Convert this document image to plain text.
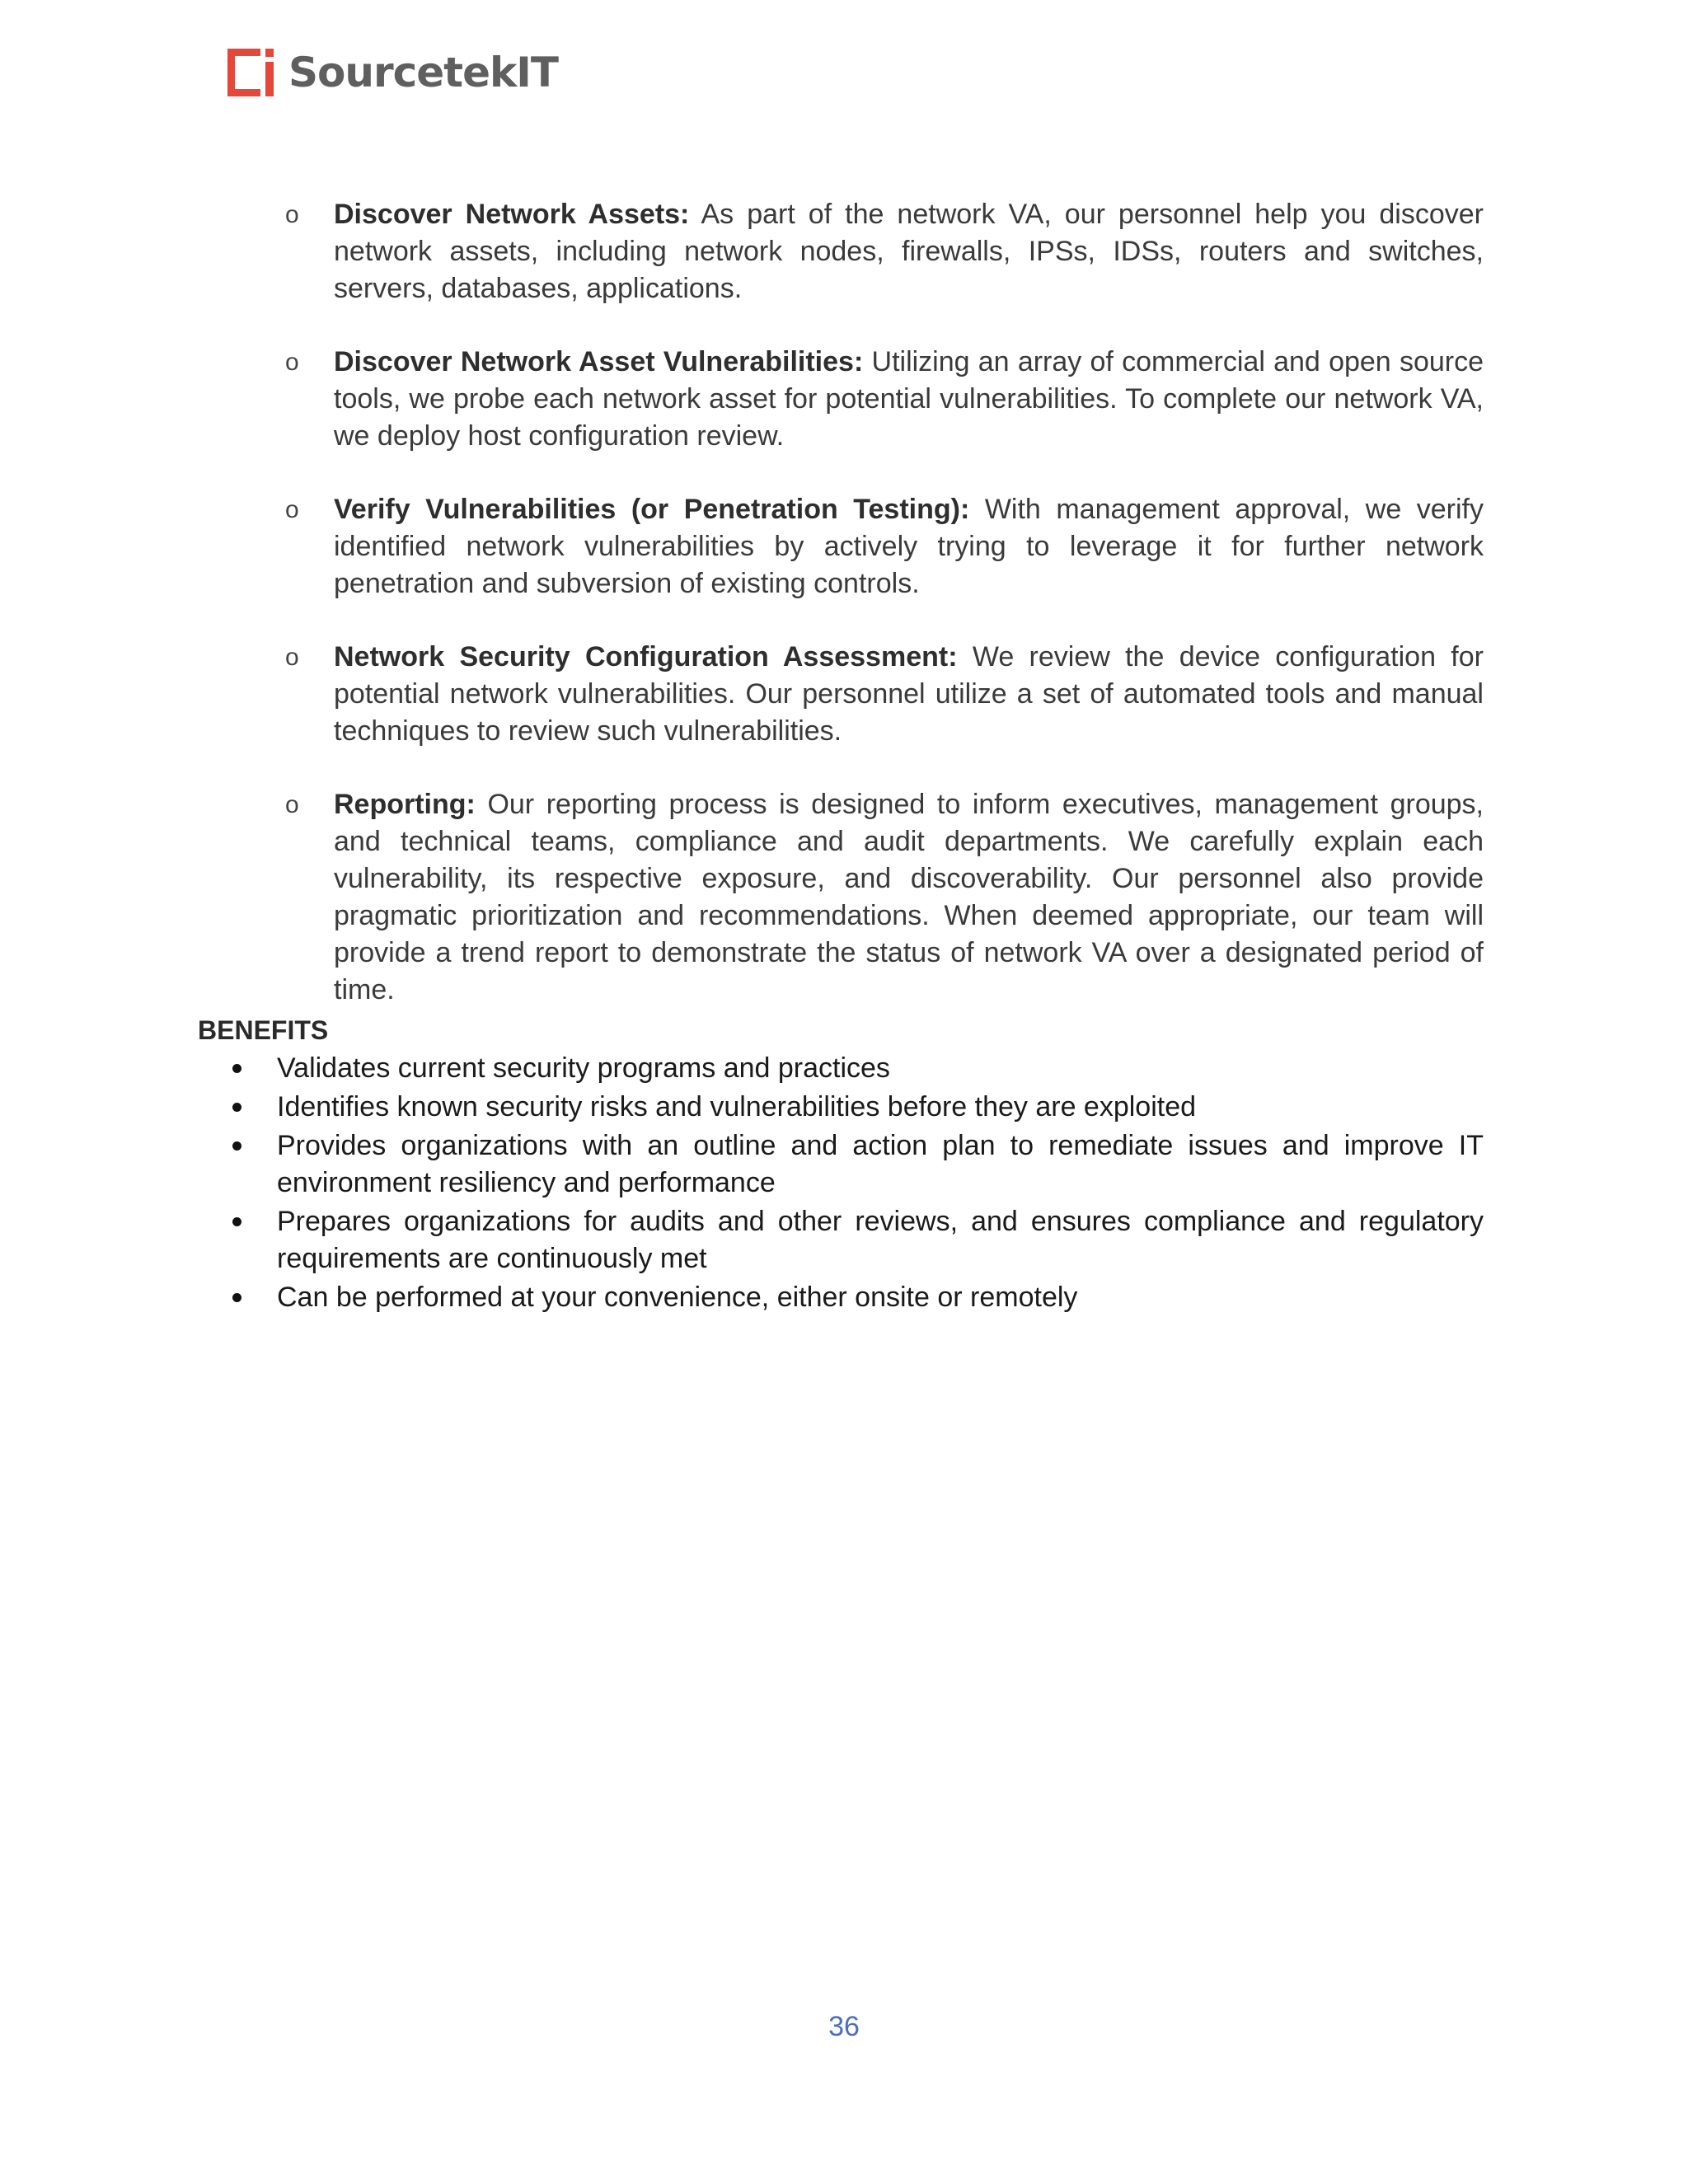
SourcetekIT
o Discover Network Assets: As part of the network VA, our personnel help you discover network assets, including network nodes, firewalls, IPSs, IDSs, routers and switches, servers, databases, applications.
o Discover Network Asset Vulnerabilities: Utilizing an array of commercial and open source tools, we probe each network asset for potential vulnerabilities. To complete our network VA, we deploy host configuration review.
o Verify Vulnerabilities (or Penetration Testing): With management approval, we verify identified network vulnerabilities by actively trying to leverage it for further network penetration and subversion of existing controls.
o Network Security Configuration Assessment: We review the device configuration for potential network vulnerabilities. Our personnel utilize a set of automated tools and manual techniques to review such vulnerabilities.
o Reporting: Our reporting process is designed to inform executives, management groups, and technical teams, compliance and audit departments. We carefully explain each vulnerability, its respective exposure, and discoverability. Our personnel also provide pragmatic prioritization and recommendations. When deemed appropriate, our team will provide a trend report to demonstrate the status of network VA over a designated period of time.
BENEFITS
Validates current security programs and practices
Identifies known security risks and vulnerabilities before they are exploited
Provides organizations with an outline and action plan to remediate issues and improve IT environment resiliency and performance
Prepares organizations for audits and other reviews, and ensures compliance and regulatory requirements are continuously met
Can be performed at your convenience, either onsite or remotely
36
